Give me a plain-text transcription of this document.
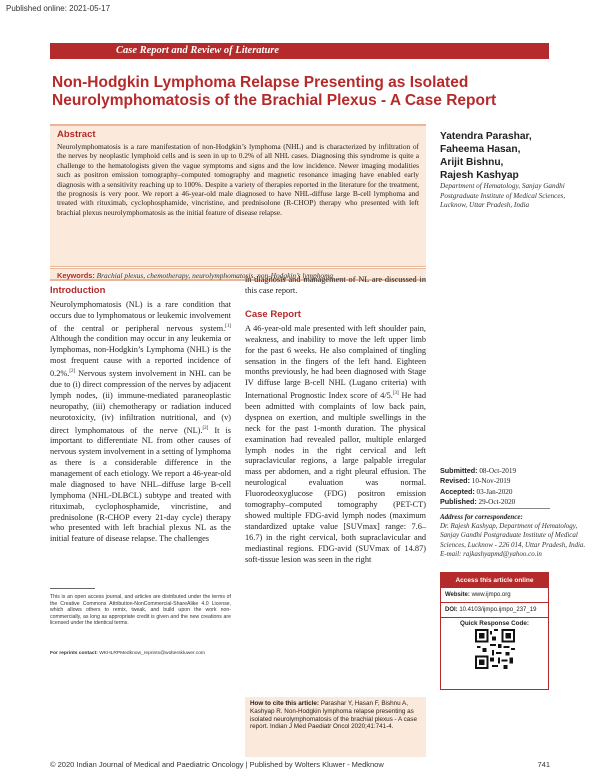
Published online: 2021-05-17
Case Report and Review of Literature
Non-Hodgkin Lymphoma Relapse Presenting as Isolated Neurolymphomatosis of the Brachial Plexus - A Case Report
Abstract
Neurolymphomatosis is a rare manifestation of non-Hodgkin’s lymphoma (NHL) and is characterized by infiltration of the nerves by neoplastic lymphoid cells and is seen in up to 0.2% of all NHL cases. Diagnosing this syndrome is quite a challenge to the hematologists given the vague symptoms and signs and the low incidence. Newer imaging modalities such as positron emission tomography–computed tomography and magnetic resonance imaging have enabled early diagnosis with a sensitivity reaching up to 100%. Despite a variety of therapies reported in the literature for the treatment, the prognosis is very poor. We report a 46-year-old male diagnosed to have NHL-diffuse large B-cell lymphoma and treated with rituximab, cyclophosphamide, vincristine, and prednisolone (R-CHOP) therapy who presented with left brachial plexus neurolymphomatosis as the initial feature of disease relapse.
Keywords: Brachial plexus, chemotherapy, neurolymphomatosis, non-Hodgkin’s lymphoma
Yatendra Parashar,
Faheema Hasan,
Arijit Bishnu,
Rajesh Kashyap
Department of Hematology, Sanjay Gandhi Postgraduate Institute of Medical Sciences, Lucknow, Uttar Pradesh, India
Introduction
Neurolymphomatosis (NL) is a rare condition that occurs due to lymphomatous or leukemic involvement of the central or peripheral nervous system.[1] Although the condition may occur in any leukemia or lymphomas, non-Hodgkin’s Lymphoma (NHL) is the most frequent cause with a reported incidence of 0.2%.[2] Nervous system involvement in NHL can be due to (i) direct compression of the nerves by adjacent lymph nodes, (ii) immune-mediated paraneoplastic neuropathy, (iii) chemotherapy or radiation induced neurotoxicity, (iv) infiltration nutritional, and (v) direct lymphomatous of the nerve (NL).[2] It is important to differentiate NL from other causes of nervous system involvement in a setting of lymphoma as there is a considerable difference in the management of each etiology. We report a 46-year-old male diagnosed to have NHL–diffuse large B-cell lymphoma (NHL-DLBCL) subtype and treated with rituximab, cyclophosphamide, vincristine, and prednisolone (R-CHOP every 21-day cycle) therapy who presented with left brachial plexus NL as the initial feature of disease relapse. The challenges
in diagnosis and management of NL are discussed in this case report.
Case Report
A 46-year-old male presented with left shoulder pain, weakness, and inability to move the left upper limb for the past 6 weeks. He also complained of tingling sensation in the fingers of the left hand. Eighteen months previously, he had been diagnosed with Stage IV diffuse large B-cell NHL (Lugano criteria) with International Prognostic Index score of 4/5.[3] He had been admitted with complaints of low back pain, dyspnea on exertion, and multiple swellings in the neck for the past 1-month duration. The physical examination had revealed pallor, multiple enlarged lymph nodes in the right cervical and left supraclavicular regions, a large palpable irregular mass per abdomen, and a right pleural effusion. The neurological evaluation was normal. Fluorodeoxyglucose (FDG) positron emission tomography–computed tomography (PET-CT) showed multiple FDG-avid lymph nodes (maximum standardized uptake value [SUVmax] range: 7.6–16.7) in the right cervical, both supraclavicular and mediastinal regions. FDG-avid (SUVmax of 14.87) soft-tissue lesion was seen in the right
This is an open access journal, and articles are distributed under the terms of the Creative Commons Attribution-NonCommercial-ShareAlike 4.0 License, which allows others to remix, tweak, and build upon the work non-commercially, as long as appropriate credit is given and the new creations are licensed under the identical terms.
For reprints contact: WKHLRPMedknow_reprints@wolterskluwer.com
How to cite this article: Parashar Y, Hasan F, Bishnu A, Kashyap R. Non-Hodgkin lymphoma relapse presenting as isolated neurolymphomatosis of the brachial plexus - A case report. Indian J Med Paediatr Oncol 2020;41:741-4.
Submitted: 08-Oct-2019
Revised: 10-Nov-2019
Accepted: 03-Jan-2020
Published: 29-Oct-2020
Address for correspondence:
Dr. Rajesh Kashyap, Department of Hematology, Sanjay Gandhi Postgraduate Institute of Medical Sciences, Lucknow - 226 014, Uttar Pradesh, India. E-mail: rajkashyapmd@yahoo.co.in
Access this article online
Website: www.ijmpo.org
DOI: 10.4103/ijmpo.ijmpo_237_19
Quick Response Code:
© 2020 Indian Journal of Medical and Paediatric Oncology | Published by Wolters Kluwer - Medknow	741
